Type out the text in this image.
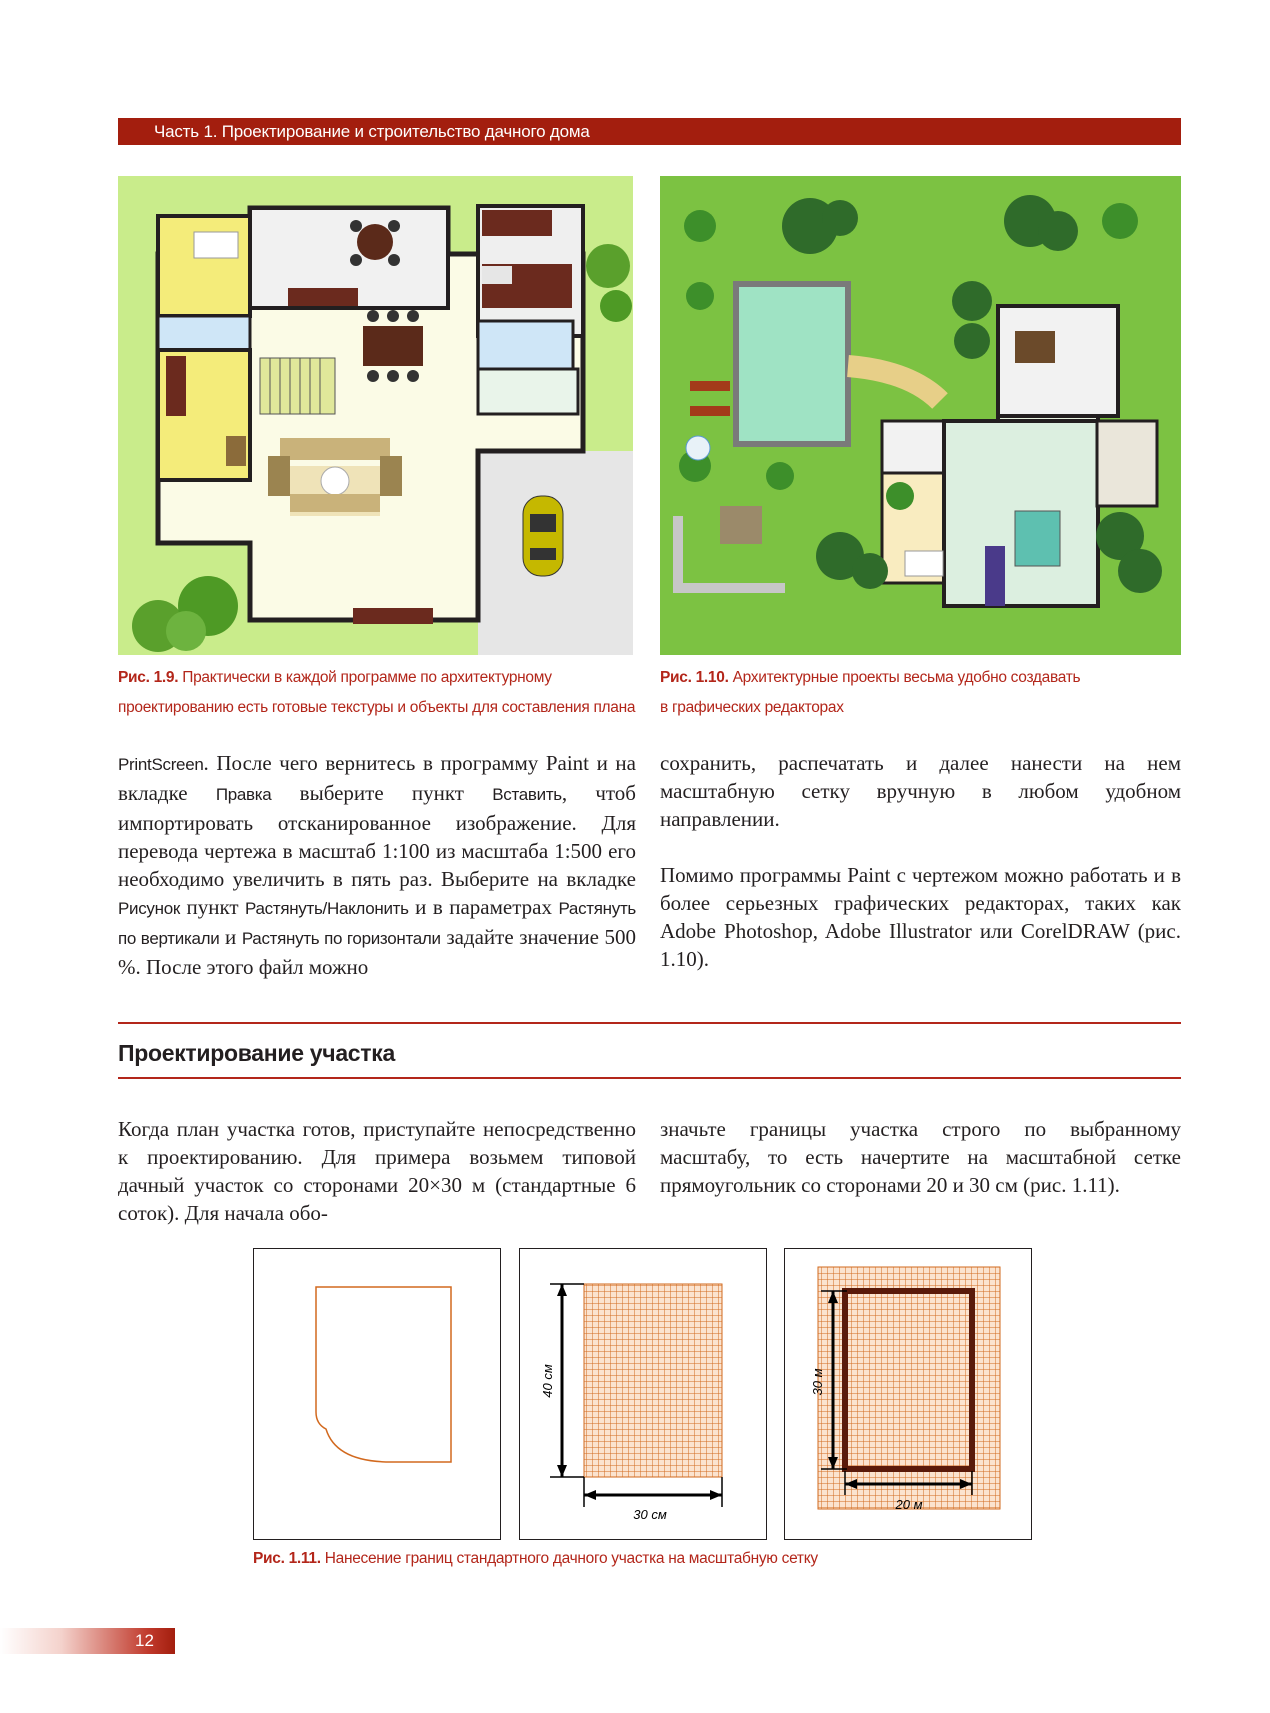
Часть 1. Проектирование и строительство дачного дома
Рис. 1.9. Практически в каждой программе по архитектурному
проектированию есть готовые текстуры и объекты для составления плана
Рис. 1.10. Архитектурные проекты весьма удобно создавать
в графических редакторах

PrintScreen. После чего вернитесь в программу Paint и на вкладке Правка выберите пункт Вставить, чтоб импортировать отсканированное изображение. Для перевода чертежа в масштаб 1:100 из масштаба 1:500 его необходимо увеличить в пять раз. Выберите на вкладке Рисунок пункт Растянуть/Наклонить и в параметрах Растянуть по вертикали и Растянуть по горизонтали задайте значение 500 %. После этого файл можно

сохранить, распечатать и далее нанести на нем масштабную сетку вручную в любом удобном направлении.

Помимо программы Paint с чертежом можно работать и в более серьезных графических редакторах, таких как Adobe Photoshop, Adobe Illustrator или CorelDRAW (рис. 1.10).

Проектирование участка

Когда план участка готов, приступайте непосредственно к проектированию. Для примера возьмем типовой дачный участок со сторонами 20×30 м (стандартные 6 соток). Для начала обо-

значьте границы участка строго по выбранному масштабу, то есть начертите на масштабной сетке прямоугольник со сторонами 20 и 30 см (рис. 1.11).

40 см
30 см
30 м
20 м
Рис. 1.11. Нанесение границ стандартного дачного участка на масштабную сетку
12
